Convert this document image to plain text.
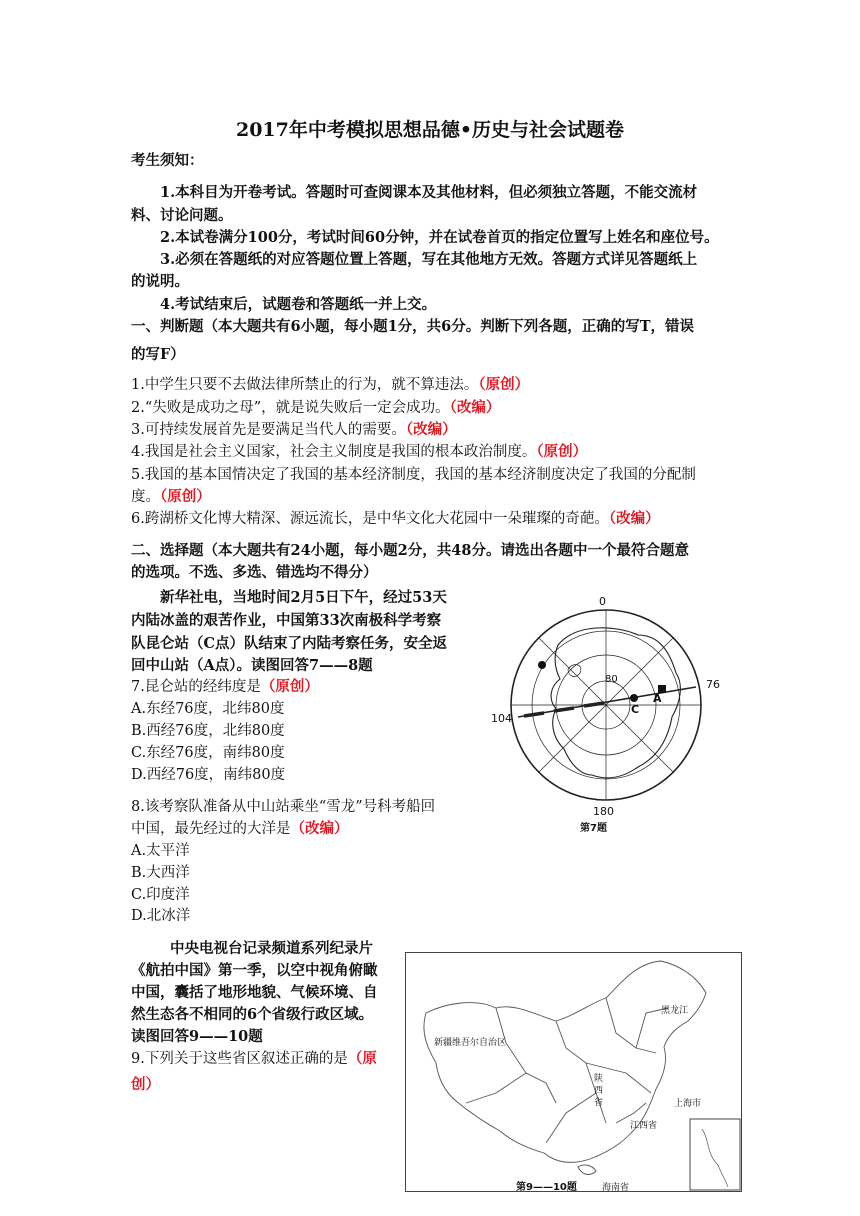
2017年中考模拟思想品德•历史与社会试题卷
考生须知：
1.本科目为开卷考试。答题时可查阅课本及其他材料，但必须独立答题，不能交流材
料、讨论问题。
2.本试卷满分100分，考试时间60分钟，并在试卷首页的指定位置写上姓名和座位号。
3.必须在答题纸的对应答题位置上答题，写在其他地方无效。答题方式详见答题纸上
的说明。
4.考试结束后，试题卷和答题纸一并上交。
一、判断题（本大题共有6小题，每小题1分，共6分。判断下列各题，正确的写T，错误
的写F）
1.中学生只要不去做法律所禁止的行为，就不算违法。（原创）
2.“失败是成功之母”，就是说失败后一定会成功。（改编）
3.可持续发展首先是要满足当代人的需要。（改编）
4.我国是社会主义国家，社会主义制度是我国的根本政治制度。（原创）
5.我国的基本国情决定了我国的基本经济制度，我国的基本经济制度决定了我国的分配制
度。（原创）
6.跨湖桥文化博大精深、源远流长，是中华文化大花园中一朵璀璨的奇葩。（改编）
二、选择题（本大题共有24小题，每小题2分，共48分。请选出各题中一个最符合题意
的选项。不选、多选、错选均不得分）
新华社电，当地时间2月5日下午，经过53天
内陆冰盖的艰苦作业，中国第33次南极科学考察
队昆仑站（C点）队结束了内陆考察任务，安全返
回中山站（A点）。读图回答7——8题
7.昆仑站的经纬度是（原创）
A.东经76度，北纬80度
B.西经76度，北纬80度
C.东经76度，南纬80度
D.西经76度，南纬80度
8.该考察队准备从中山站乘坐“雪龙”号科考船回
中国，最先经过的大洋是（改编）
A.太平洋
B.大西洋
C.印度洋
D.北冰洋
中央电视台记录频道系列纪录片
《航拍中国》第一季，以空中视角俯瞰
中国，囊括了地形地貌、气候环境、自
然生态各不相同的6个省级行政区域。
读图回答9——10题
9.下列关于这些省区叙述正确的是（原
创）
0
180
104
76
80
C
A
第7题
新疆维吾尔自治区
黑龙江
陕
西
省	上海市
江西省
海南省
第9——10题
